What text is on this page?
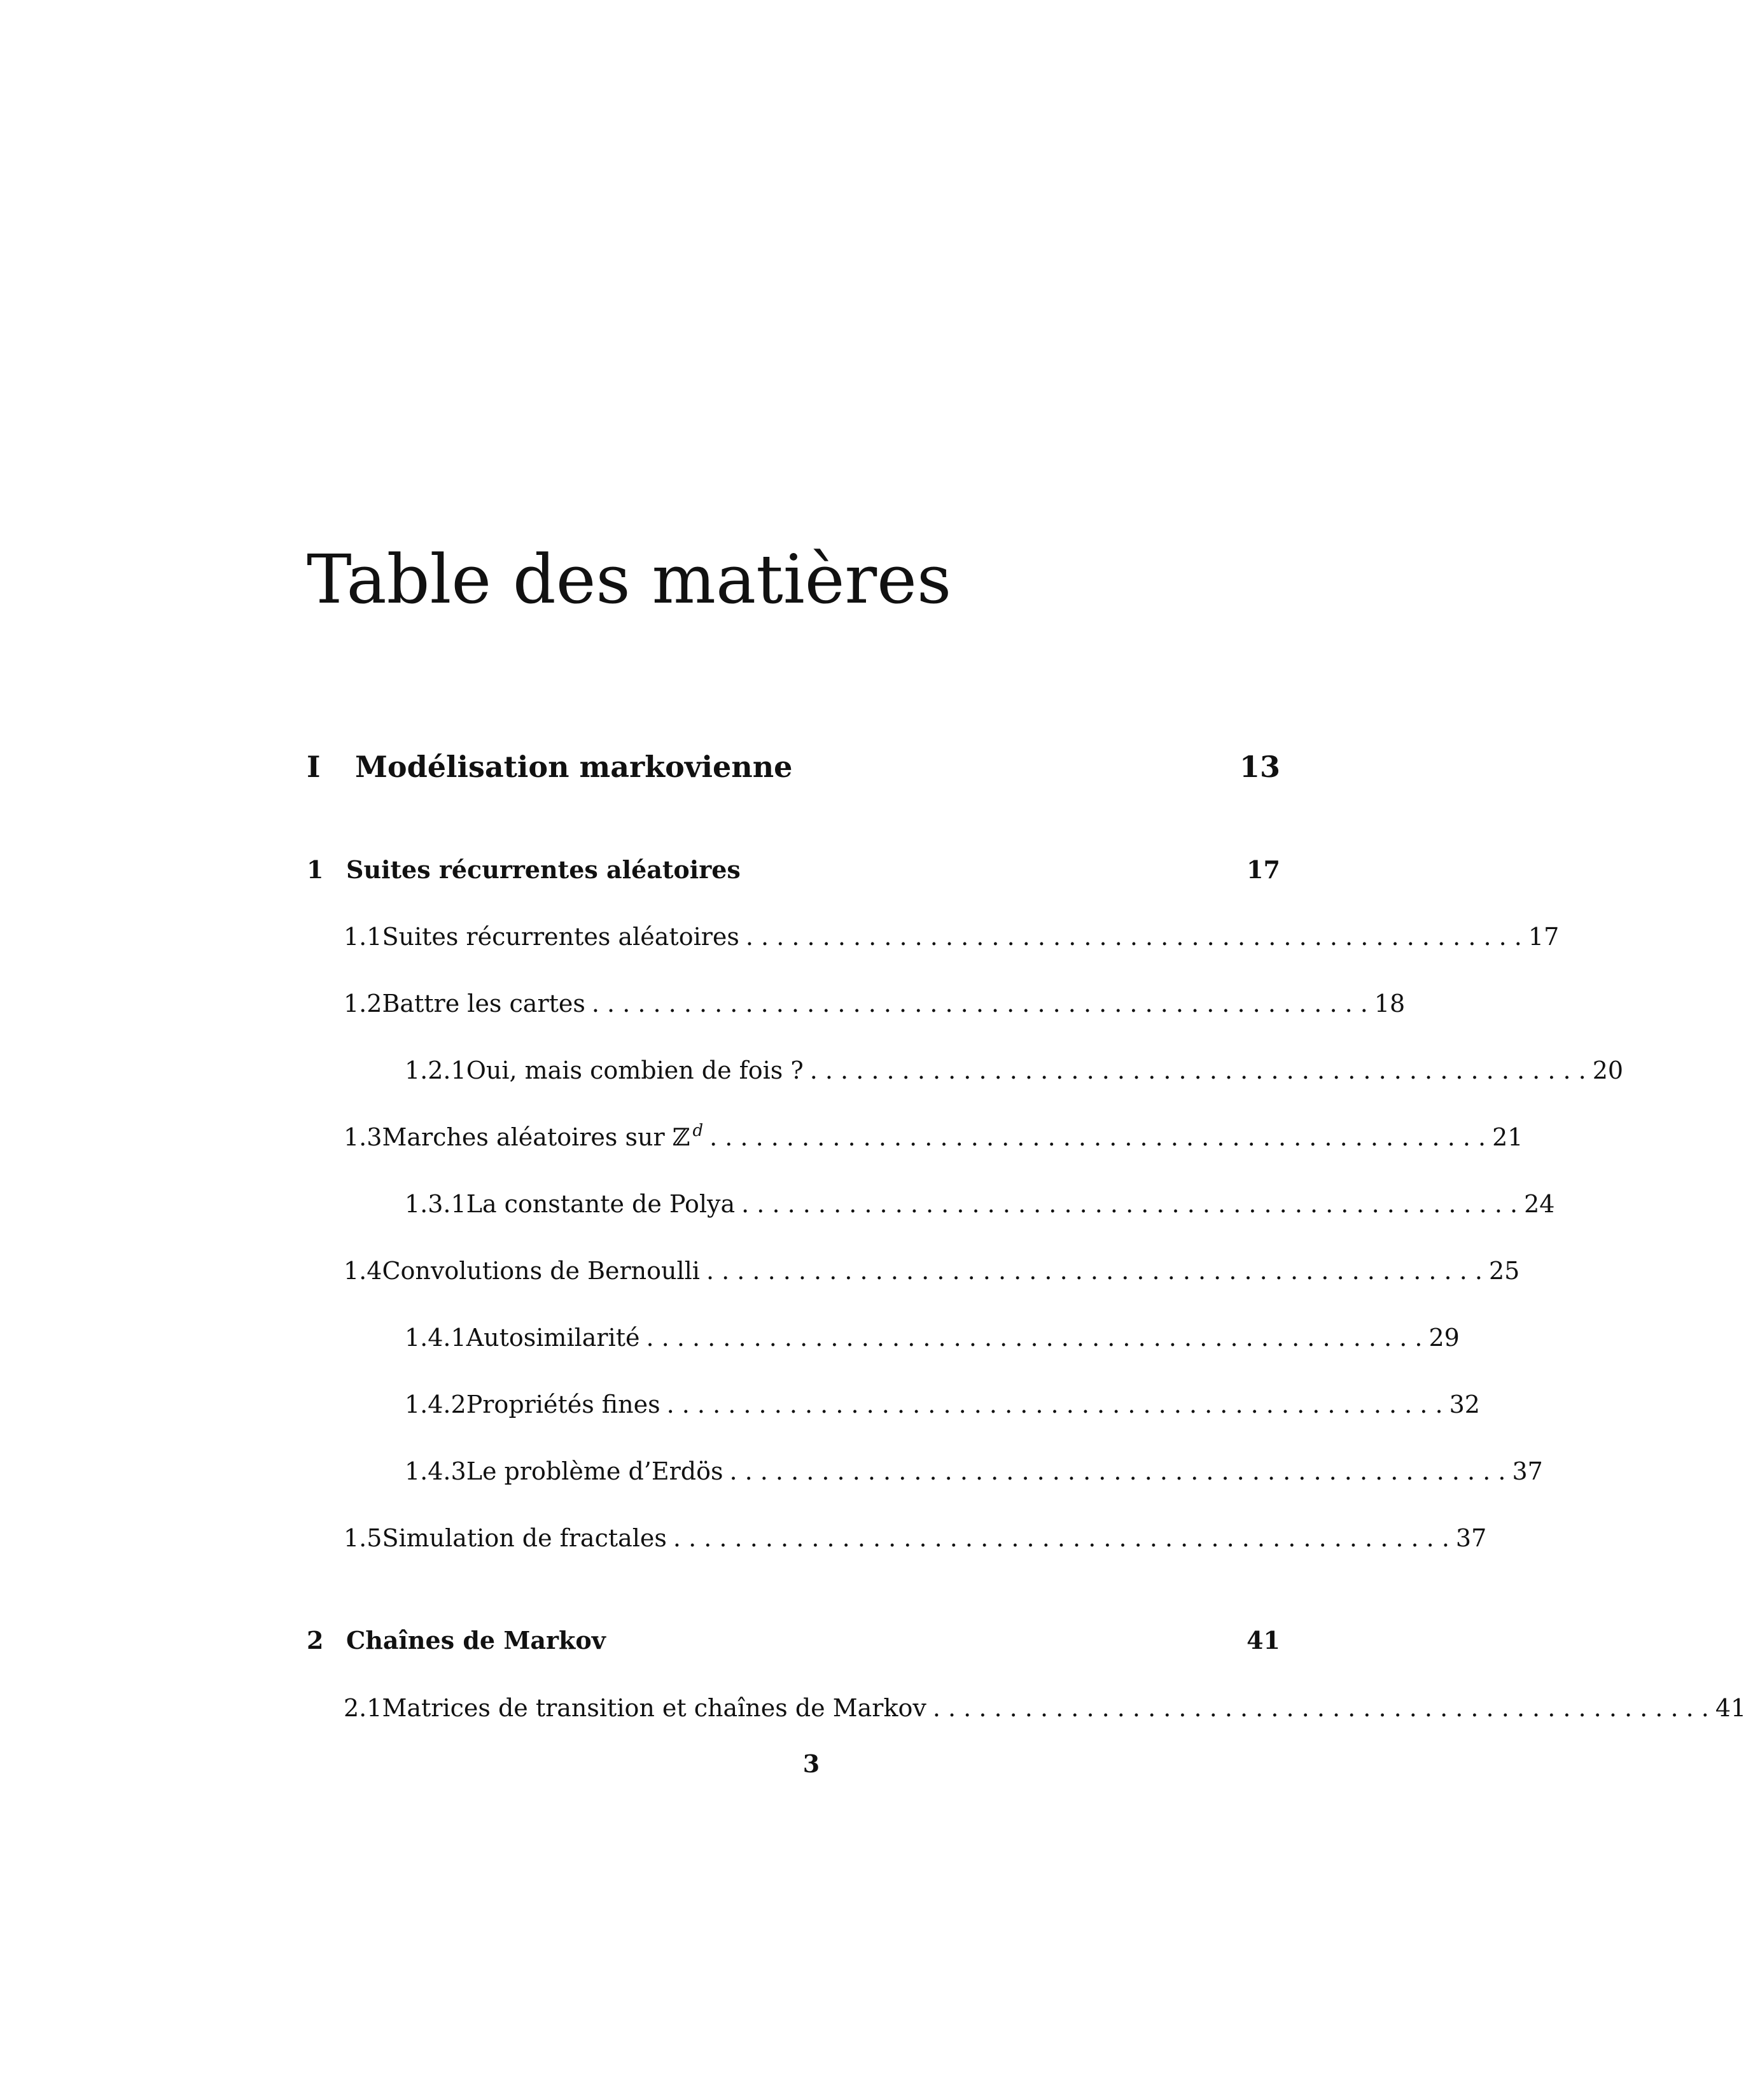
Table des matières
I Modélisation markovienne	13
1 Suites récurrentes aléatoires	17
1.1 Suites récurrentes aléatoires . . . . . . . . . . . . . . . . . . . . . . . . . . . . . . . . . . . . . . . . . . . . . . . . . . . 17
1.2 Battre les cartes . . . . . . . . . . . . . . . . . . . . . . . . . . . . . . . . . . . . . . . . . . . . . . . . . . . 18
1.2.1 Oui, mais combien de fois ? . . . . . . . . . . . . . . . . . . . . . . . . . . . . . . . . . . . . . . . . . . . . . . . . . . . 20
1.3 Marches aléatoires sur ℤ $^d$ . . . . . . . . . . . . . . . . . . . . . . . . . . . . . . . . . . . . . . . . . . . . . . . . . . . 21
1.3.1 La constante de Polya . . . . . . . . . . . . . . . . . . . . . . . . . . . . . . . . . . . . . . . . . . . . . . . . . . . 24
1.4 Convolutions de Bernoulli . . . . . . . . . . . . . . . . . . . . . . . . . . . . . . . . . . . . . . . . . . . . . . . . . . . 25
1.4.1 Autosimilarité . . . . . . . . . . . . . . . . . . . . . . . . . . . . . . . . . . . . . . . . . . . . . . . . . . . 29
1.4.2 Propriétés fines . . . . . . . . . . . . . . . . . . . . . . . . . . . . . . . . . . . . . . . . . . . . . . . . . . . 32
1.4.3 Le problème d’Erdös . . . . . . . . . . . . . . . . . . . . . . . . . . . . . . . . . . . . . . . . . . . . . . . . . . . 37
1.5 Simulation de fractales . . . . . . . . . . . . . . . . . . . . . . . . . . . . . . . . . . . . . . . . . . . . . . . . . . . 37
2 Chaînes de Markov	41
2.1 Matrices de transition et chaînes de Markov . . . . . . . . . . . . . . . . . . . . . . . . . . . . . . . . . . . . . . . . . . . . . . . . . . . 41
3
